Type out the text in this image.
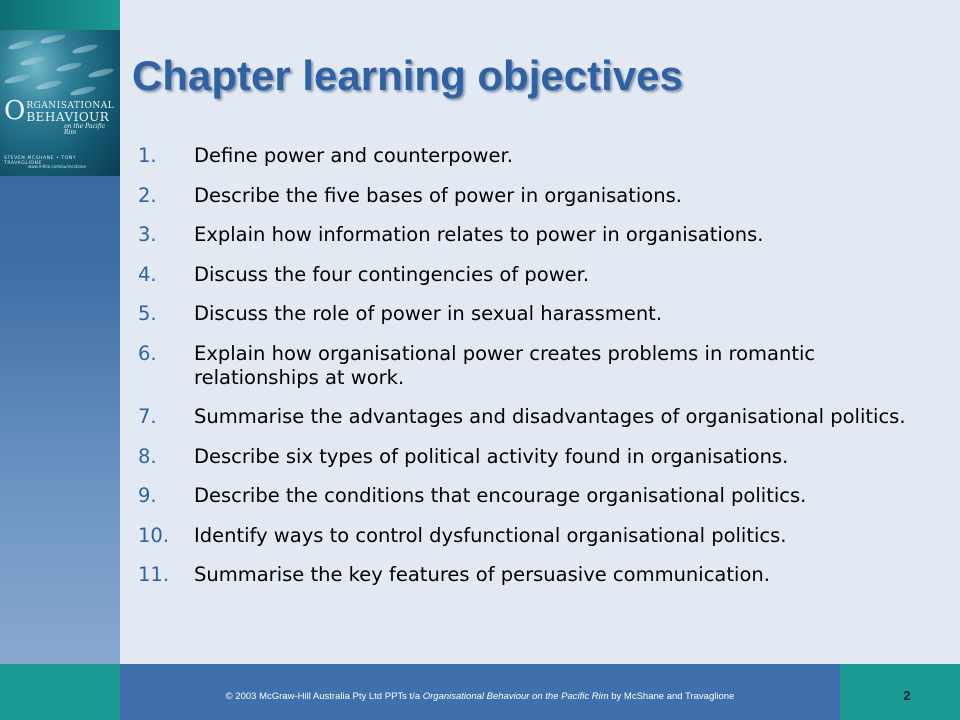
O RGANISATIONAL
BEHAVIOUR
on the Pacific Rim
STEVEN MCSHANE • TONY TRAVAGLIONE
www.mhhe.com/au/mcshane
Chapter learning objectives
1.	Define power and counterpower.
2.	Describe the five bases of power in organisations.
3.	Explain how information relates to power in organisations.
4.	Discuss the four contingencies of power.
5.	Discuss the role of power in sexual harassment.
6.	Explain how organisational power creates problems in romantic relationships at work.
7.	Summarise the advantages and disadvantages of organisational politics.
8.	Describe six types of political activity found in organisations.
9.	Describe the conditions that encourage organisational politics.
10.	Identify ways to control dysfunctional organisational politics.
11.	Summarise the key features of persuasive communication.
© 2003 McGraw-Hill Australia Pty Ltd PPTs t/a Organisational Behaviour on the Pacific Rim by McShane and Travaglione	2
